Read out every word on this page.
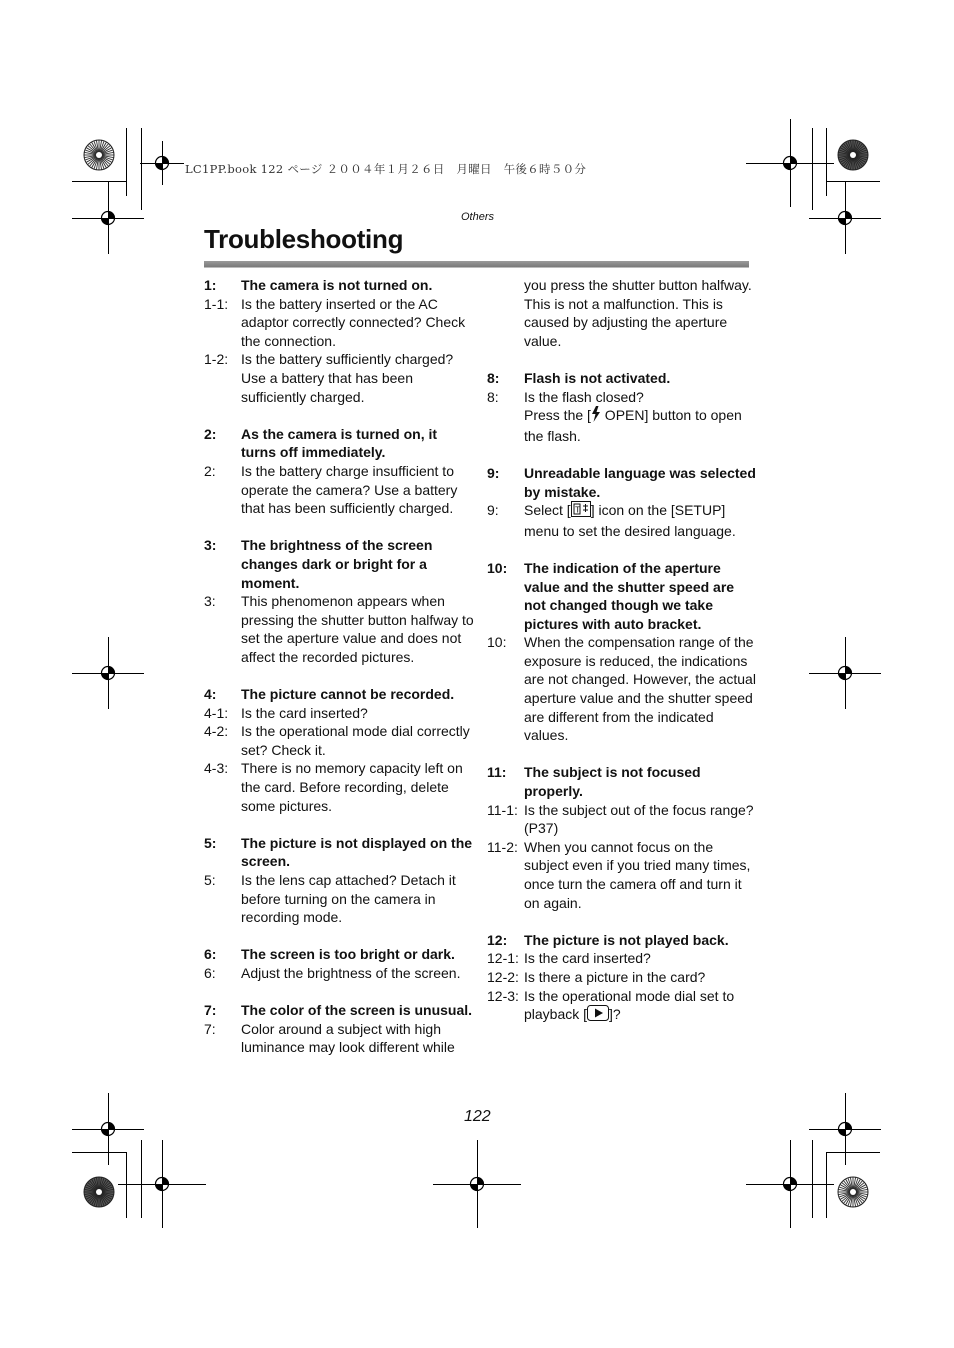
LC1PP.book 122 ページ ２００４年１月２６日　月曜日　午後６時５０分
Others
Troubleshooting
1:	The camera is not turned on.
1-1: Is the battery inserted or the AC adaptor correctly connected? Check the connection.
1-2: Is the battery sufficiently charged? Use a battery that has been sufficiently charged.
2:	As the camera is turned on, it turns off immediately.
2:	Is the battery charge insufficient to operate the camera? Use a battery that has been sufficiently charged.
3:	The brightness of the screen changes dark or bright for a moment.
3:	This phenomenon appears when pressing the shutter button halfway to set the aperture value and does not affect the recorded pictures.
4:	The picture cannot be recorded.
4-1: Is the card inserted?
4-2: Is the operational mode dial correctly set? Check it.
4-3: There is no memory capacity left on the card. Before recording, delete some pictures.
5:	The picture is not displayed on the screen.
5:	Is the lens cap attached? Detach it before turning on the camera in recording mode.
6:	The screen is too bright or dark.
6:	Adjust the brightness of the screen.
7:	The color of the screen is unusual.
7:	Color around a subject with high luminance may look different while
you press the shutter button halfway. This is not a malfunction. This is caused by adjusting the aperture value.
8:	Flash is not activated.
8:	Is the flash closed?
Press the [ OPEN] button to open the flash.
9:	Unreadable language was selected by mistake.
9:	Select [ T ] icon on the [SETUP] menu to set the desired language.
10:	The indication of the aperture value and the shutter speed are not changed though we take pictures with auto bracket.
10:	When the compensation range of the exposure is reduced, the indications are not changed. However, the actual aperture value and the shutter speed are different from the indicated values.
11:	The subject is not focused properly.
11-1: Is the subject out of the focus range? (P37)
11-2: When you cannot focus on the subject even if you tried many times, once turn the camera off and turn it on again.
12:	The picture is not played back.
12-1: Is the card inserted?
12-2: Is there a picture in the card?
12-3: Is the operational mode dial set to playback [ ]?
122
